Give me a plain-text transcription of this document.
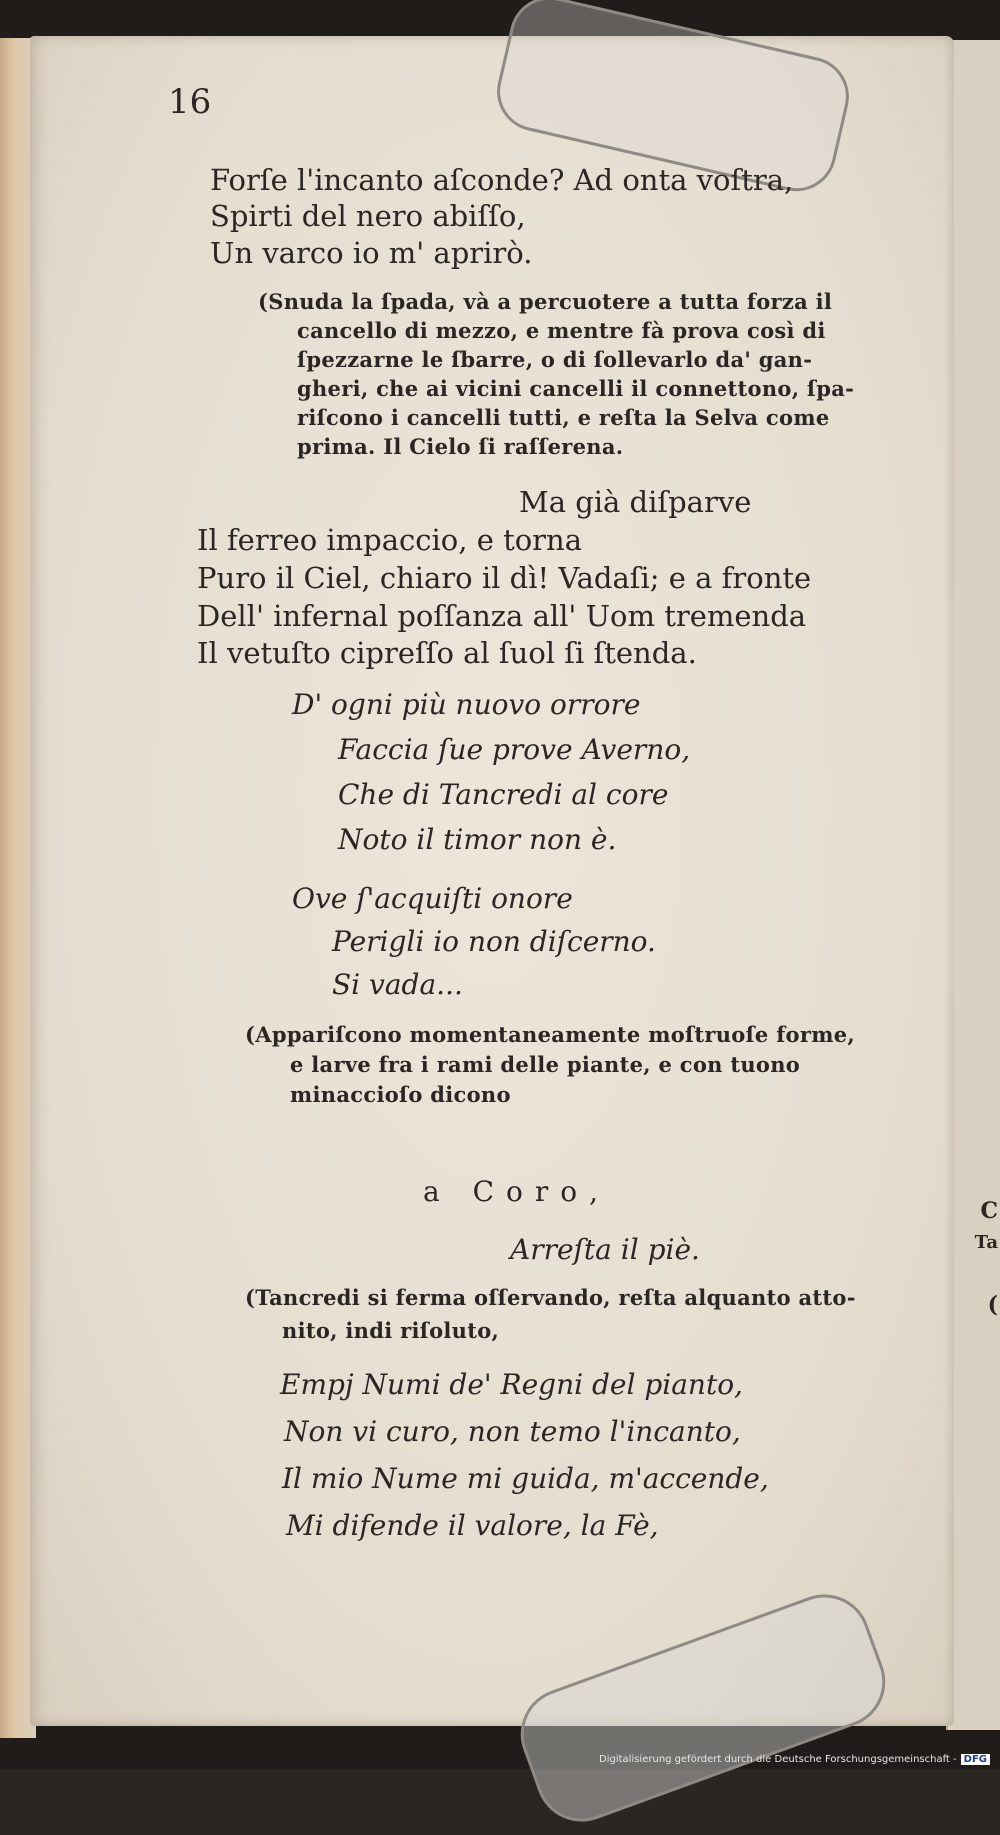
16
Forſe l'incanto aſconde? Ad onta voſtra,
Spirti del nero abiſſo,
Un varco io m' aprirò.
(Snuda la ſpada, và a percuotere a tutta forza il
cancello di mezzo, e mentre fà prova così di
ſpezzarne le ſbarre, o di ſollevarlo da' gan-
gheri, che ai vicini cancelli il connettono, ſpa-
riſcono i cancelli tutti, e reſta la Selva come
prima. Il Cielo ſi raſſerena.
Ma già diſparve
Il ferreo impaccio, e torna
Puro il Ciel, chiaro il dì! Vadaſi; e a fronte
Dell' infernal poſſanza all' Uom tremenda
Il vetuſto cipreſſo al ſuol ſi ſtenda.
D' ogni più nuovo orrore
Faccia ſue prove Averno,
Che di Tancredi al core
Noto il timor non è.
Ove ſ'acquiſti onore
Perigli io non diſcerno.
Si vada...
(Appariſcono momentaneamente moſtruoſe forme,
e larve fra i rami delle piante, e con tuono
minaccioſo dicono
a Coro,
Arreſta il piè.
(Tancredi si ferma oſſervando, reſta alquanto atto-
nito, indi riſoluto,
Empj Numi de' Regni del pianto,
Non vi curo, non temo l'incanto,
Il mio Nume mi guida, m'accende,
Mi difende il valore, la Fè,
C
Ta
(
Digitalisierung gefördert durch die Deutsche Forschungsgemeinschaft - DFG
